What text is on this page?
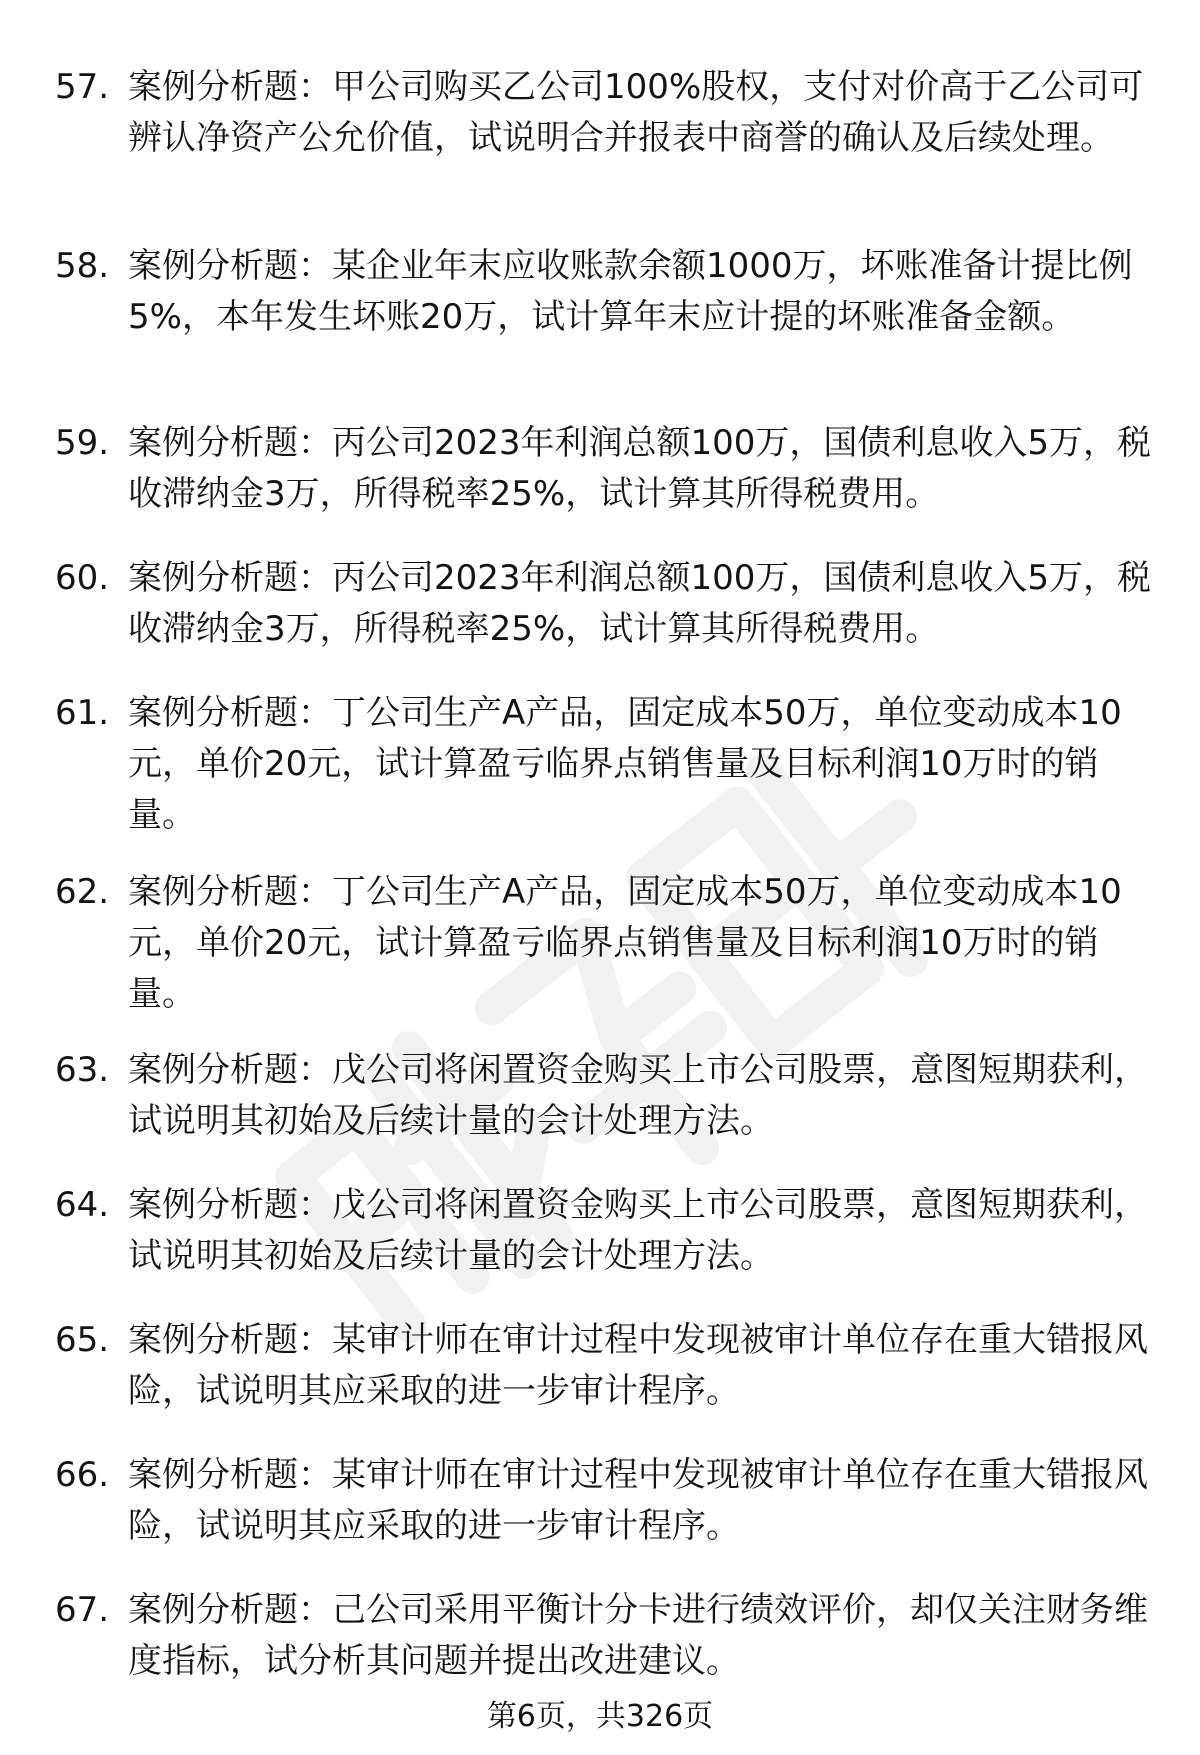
57. 案例分析题：甲公司购买乙公司100%股权，支付对价高于乙公司可辨认净资产公允价值，试说明合并报表中商誉的确认及后续处理。
58. 案例分析题：某企业年末应收账款余额1000万，坏账准备计提比例5%，本年发生坏账20万，试计算年末应计提的坏账准备金额。
59. 案例分析题：丙公司2023年利润总额100万，国债利息收入5万，税收滞纳金3万，所得税率25%，试计算其所得税费用。
60. 案例分析题：丙公司2023年利润总额100万，国债利息收入5万，税收滞纳金3万，所得税率25%，试计算其所得税费用。
61. 案例分析题：丁公司生产A产品，固定成本50万，单位变动成本10元，单价20元，试计算盈亏临界点销售量及目标利润10万时的销量。
62. 案例分析题：丁公司生产A产品，固定成本50万，单位变动成本10元，单价20元，试计算盈亏临界点销售量及目标利润10万时的销量。
63. 案例分析题：戊公司将闲置资金购买上市公司股票，意图短期获利，试说明其初始及后续计量的会计处理方法。
64. 案例分析题：戊公司将闲置资金购买上市公司股票，意图短期获利，试说明其初始及后续计量的会计处理方法。
65. 案例分析题：某审计师在审计过程中发现被审计单位存在重大错报风险，试说明其应采取的进一步审计程序。
66. 案例分析题：某审计师在审计过程中发现被审计单位存在重大错报风险，试说明其应采取的进一步审计程序。
67. 案例分析题：己公司采用平衡计分卡进行绩效评价，却仅关注财务维度指标，试分析其问题并提出改进建议。
第6页，共326页
